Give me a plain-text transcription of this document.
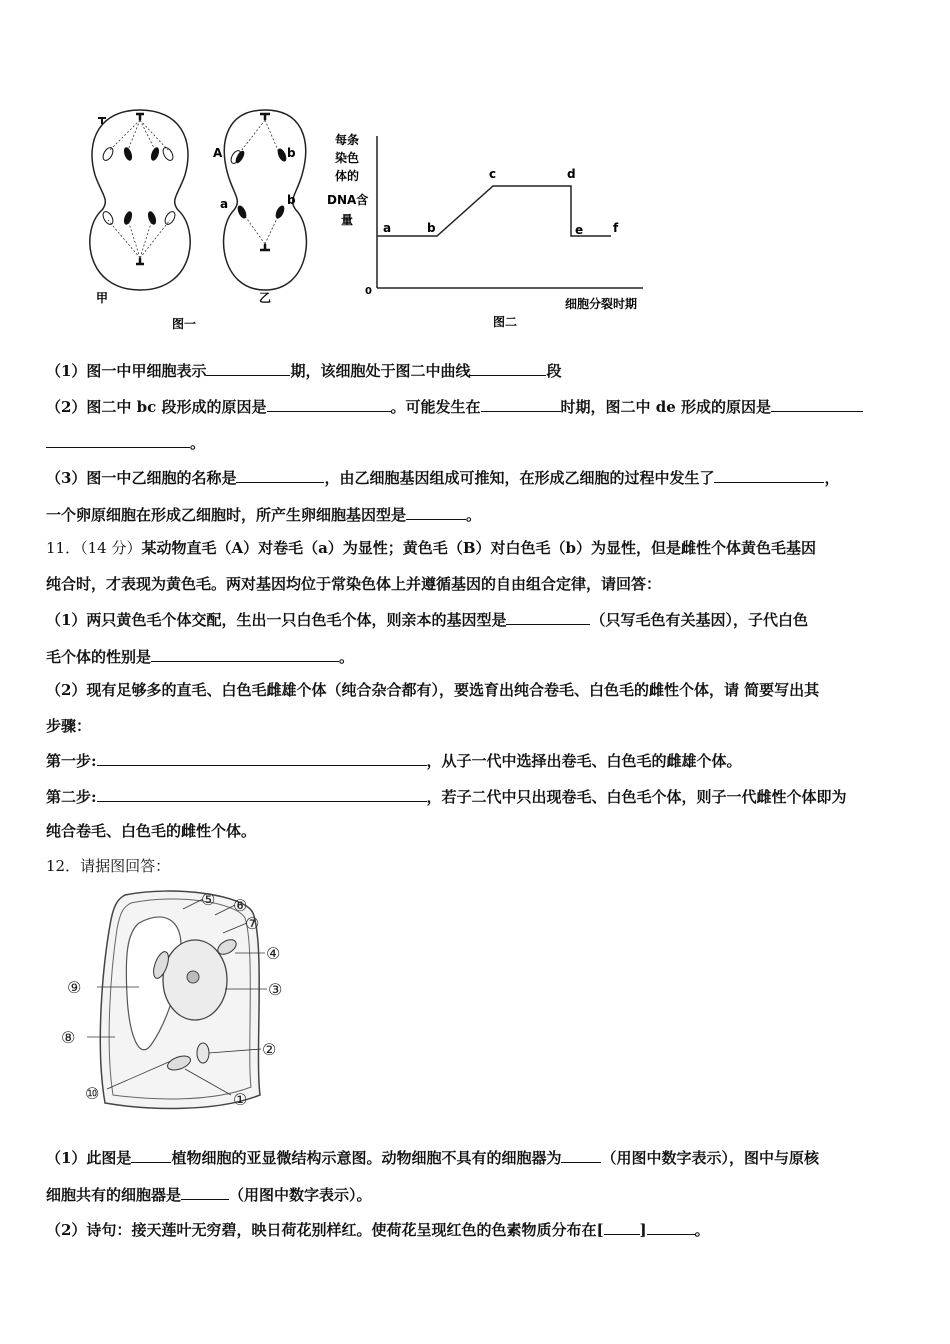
A	b
a	b
甲	乙
图一
每条
染色
体的
DNA含
量
0
a	b
c	d
e f
细胞分裂时期
图二
（1）图一中甲细胞表示	期，该细胞处于图二中曲线	段
（2）图二中 bc 段形成的原因是	。可能发生在	时期，图二中 de 形成的原因是
。
（3）图一中乙细胞的名称是	，由乙细胞基因组成可推知，在形成乙细胞的过程中发生了	，
一个卵原细胞在形成乙细胞时，所产生卵细胞基因型是	。
11．（14 分）某动物直毛（A）对卷毛（a）为显性；黄色毛（B）对白色毛（b）为显性，但是雌性个体黄色毛基因
纯合时，才表现为黄色毛。两对基因均位于常染色体上并遵循基因的自由组合定律，请回答：
（1）两只黄色毛个体交配，生出一只白色毛个体，则亲本的基因型是	（只写毛色有关基因），子代白色
毛个体的性别是	。
（2）现有足够多的直毛、白色毛雌雄个体（纯合杂合都有），要选育出纯合卷毛、白色毛的雌性个体，请 简要写出其
步骤：
第一步:	，从子一代中选择出卷毛、白色毛的雌雄个体。
第二步:	，若子二代中只出现卷毛、白色毛个体，则子一代雌性个体即为
纯合卷毛、白色毛的雌性个体。
12．请据图回答：
⑤ ⑥
⑦
④
③
⑨
⑧
②
⑩	①
（1）此图是	植物细胞的亚显微结构示意图。动物细胞不具有的细胞器为	（用图中数字表示），图中与原核
细胞共有的细胞器是	（用图中数字表示）。
（2）诗句：接天莲叶无穷碧，映日荷花别样红。使荷花呈现红色的色素物质分布在[ ]	。
